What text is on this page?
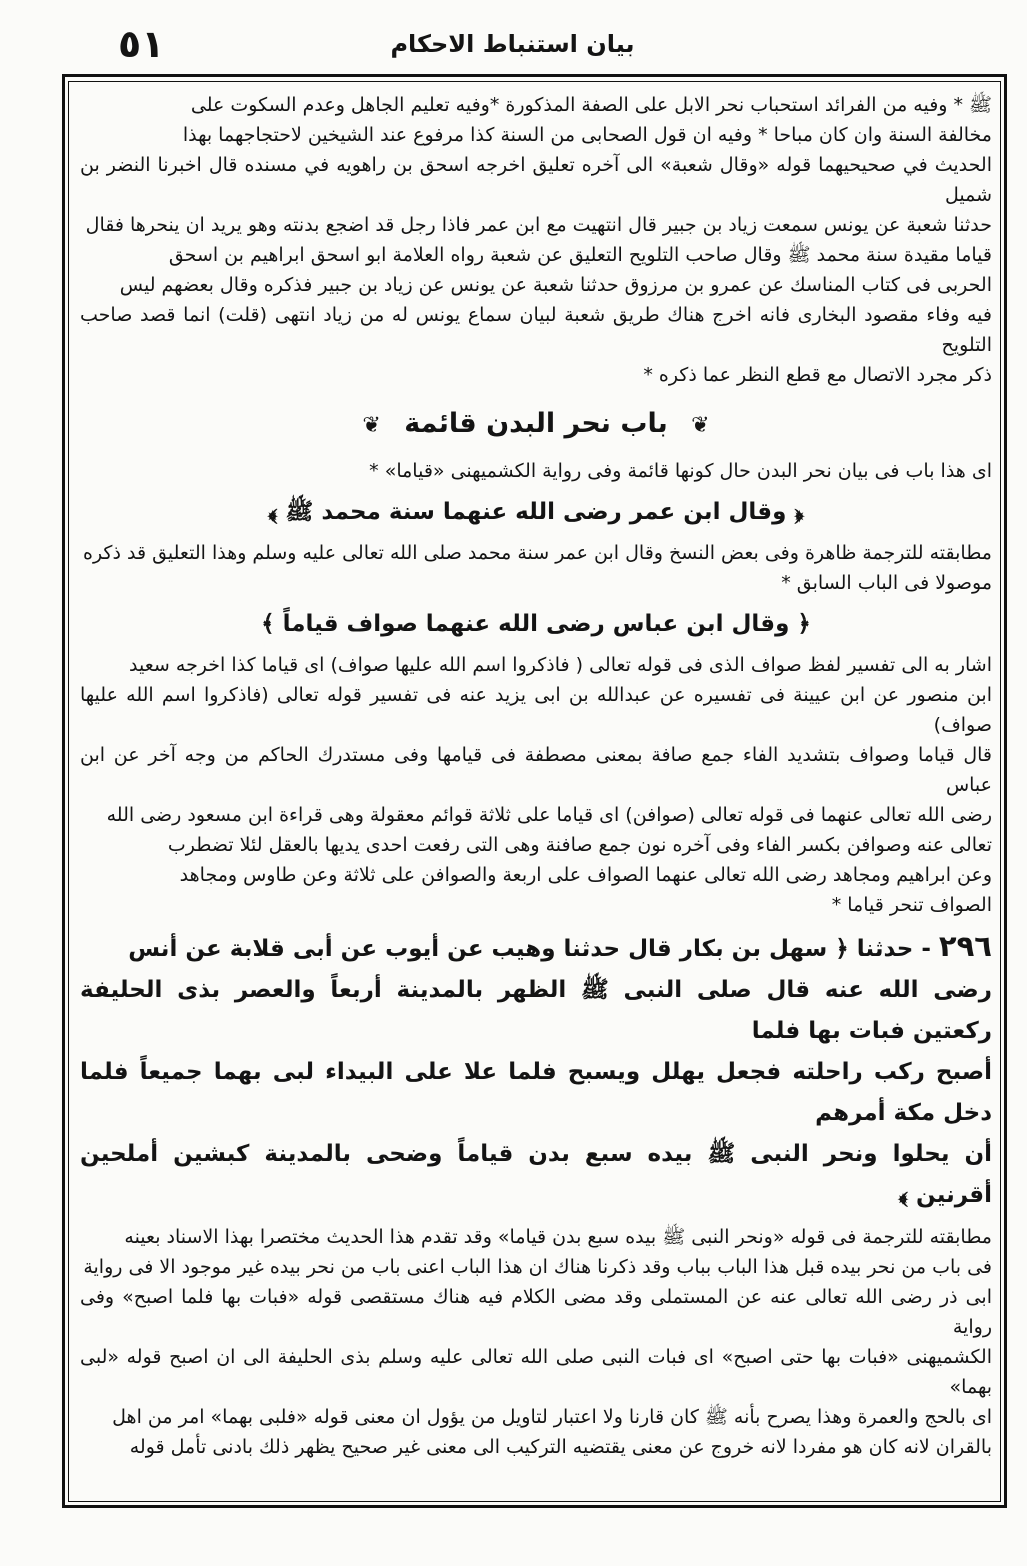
٥١	بيان استنباط الاحكام

ﷺ * وفيه من الفرائد استحباب نحر الابل على الصفة المذكورة *وفيه تعليم الجاهل وعدم السكوت على
مخالفة السنة وان كان مباحا * وفيه ان قول الصحابى من السنة كذا مرفوع عند الشيخين لاحتجاجهما بهذا
الحديث في صحيحيهما قوله «وقال شعبة» الى آخره تعليق اخرجه اسحق بن راهويه في مسنده قال اخبرنا النضر بن شميل
حدثنا شعبة عن يونس سمعت زياد بن جبير قال انتهيت مع ابن عمر فاذا رجل قد اضجع بدنته وهو يريد ان ينحرها فقال
قياما مقيدة سنة محمد ﷺ وقال صاحب التلويح التعليق عن شعبة رواه العلامة ابو اسحق ابراهيم بن اسحق
الحربى فى كتاب المناسك عن عمرو بن مرزوق حدثنا شعبة عن يونس عن زياد بن جبير فذكره وقال بعضهم ليس
فيه وفاء مقصود البخارى فانه اخرج هناك طريق شعبة لبيان سماع يونس له من زياد انتهى (قلت) انما قصد صاحب التلويح
ذكر مجرد الاتصال مع قطع النظر عما ذكره *

❦ باب نحر البدن قائمة ❦

اى هذا باب فى بيان نحر البدن حال كونها قائمة وفى رواية الكشميهنى «قياما» *

﴿ وقال ابن عمر رضى الله عنهما سنة محمد ﷺ ﴾

مطابقته للترجمة ظاهرة وفى بعض النسخ وقال ابن عمر سنة محمد صلى الله تعالى عليه وسلم وهذا التعليق قد ذكره
موصولا فى الباب السابق *

﴿ وقال ابن عباس رضى الله عنهما صواف قياماً ﴾

اشار به الى تفسير لفظ صواف الذى فى قوله تعالى ( فاذكروا اسم الله عليها صواف) اى قياما كذا اخرجه سعيد
ابن منصور عن ابن عيينة فى تفسيره عن عبدالله بن ابى يزيد عنه فى تفسير قوله تعالى (فاذكروا اسم الله عليها صواف)
قال قياما وصواف بتشديد الفاء جمع صافة بمعنى مصطفة فى قيامها وفى مستدرك الحاكم من وجه آخر عن ابن عباس
رضى الله تعالى عنهما فى قوله تعالى (صوافن) اى قياما على ثلاثة قوائم معقولة وهى قراءة ابن مسعود رضى الله
تعالى عنه وصوافن بكسر الفاء وفى آخره نون جمع صافنة وهى التى رفعت احدى يديها بالعقل لئلا تضطرب
وعن ابراهيم ومجاهد رضى الله تعالى عنهما الصواف على اربعة والصوافن على ثلاثة وعن طاوس ومجاهد
الصواف تنحر قياما *

٢٩٦ - حدثنا ﴿ سهل بن بكار قال حدثنا وهيب عن أيوب عن أبى قلابة عن أنس
رضى الله عنه قال صلى النبى ﷺ الظهر بالمدينة أربعاً والعصر بذى الحليفة ركعتين فبات بها فلما
أصبح ركب راحلته فجعل يهلل ويسبح فلما علا على البيداء لبى بهما جميعاً فلما دخل مكة أمرهم
أن يحلوا ونحر النبى ﷺ بيده سبع بدن قياماً وضحى بالمدينة كبشين أملحين أقرنين ﴾

مطابقته للترجمة فى قوله «ونحر النبى ﷺ بيده سبع بدن قياما» وقد تقدم هذا الحديث مختصرا بهذا الاسناد بعينه
فى باب من نحر بيده قبل هذا الباب بباب وقد ذكرنا هناك ان هذا الباب اعنى باب من نحر بيده غير موجود الا فى رواية
ابى ذر رضى الله تعالى عنه عن المستملى وقد مضى الكلام فيه هناك مستقصى قوله «فبات بها فلما اصبح» وفى رواية
الكشميهنى «فبات بها حتى اصبح» اى فبات النبى صلى الله تعالى عليه وسلم بذى الحليفة الى ان اصبح قوله «لبى بهما»
اى بالحج والعمرة وهذا يصرح بأنه ﷺ كان قارنا ولا اعتبار لتاويل من يؤول ان معنى قوله «فلبى بهما» امر من اهل
بالقران لانه كان هو مفردا لانه خروج عن معنى يقتضيه التركيب الى معنى غير صحيح يظهر ذلك بادنى تأمل قوله
